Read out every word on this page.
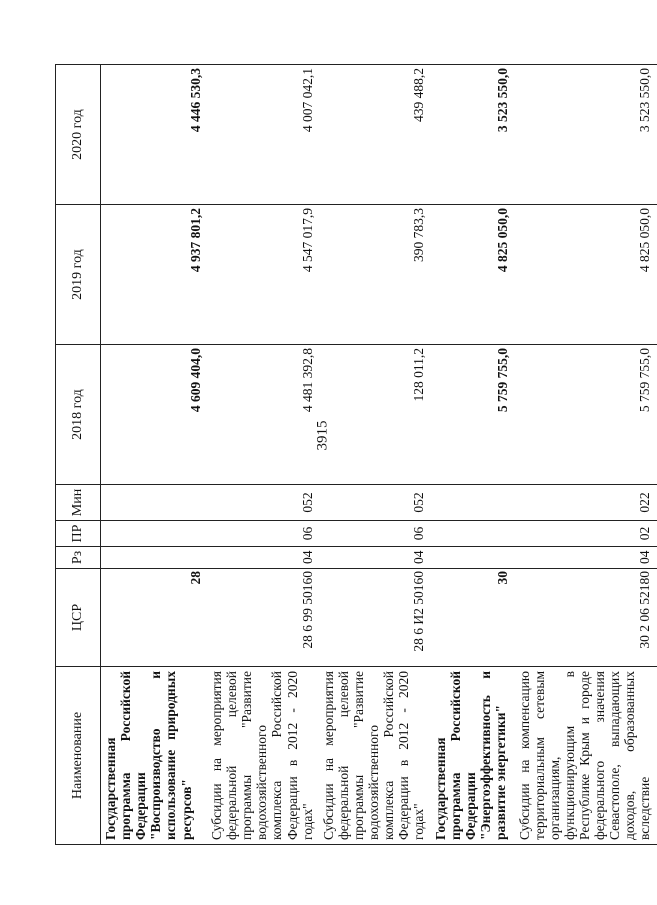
3915
Наименование	ЦСР	Рз	ПР	Мин	2018 год	2019 год	2020 год
Государственная программа Российской Федерации "Воспроизводство и использование природных ресурсов"	28				4 609 404,0	4 937 801,2	4 446 530,3
Субсидии на мероприятия федеральной целевой программы "Развитие водохозяйственного комплекса Российской Федерации в 2012 - 2020 годах"	28 6 99 50160	04	06	052	4 481 392,8	4 547 017,9	4 007 042,1
Субсидии на мероприятия федеральной целевой программы "Развитие водохозяйственного комплекса Российской Федерации в 2012 - 2020 годах"	28 6 И2 50160	04	06	052	128 011,2	390 783,3	439 488,2
Государственная программа Российской Федерации "Энергоэффективность и развитие энергетики"	30				5 759 755,0	4 825 050,0	3 523 550,0
Субсидии на компенсацию территориальным сетевым организациям, функционирующим в Республике Крым и городе федерального значения Севастополе, выпадающих доходов, образованных вследствие	30 2 06 52180	04	02	022	5 759 755,0	4 825 050,0	3 523 550,0
